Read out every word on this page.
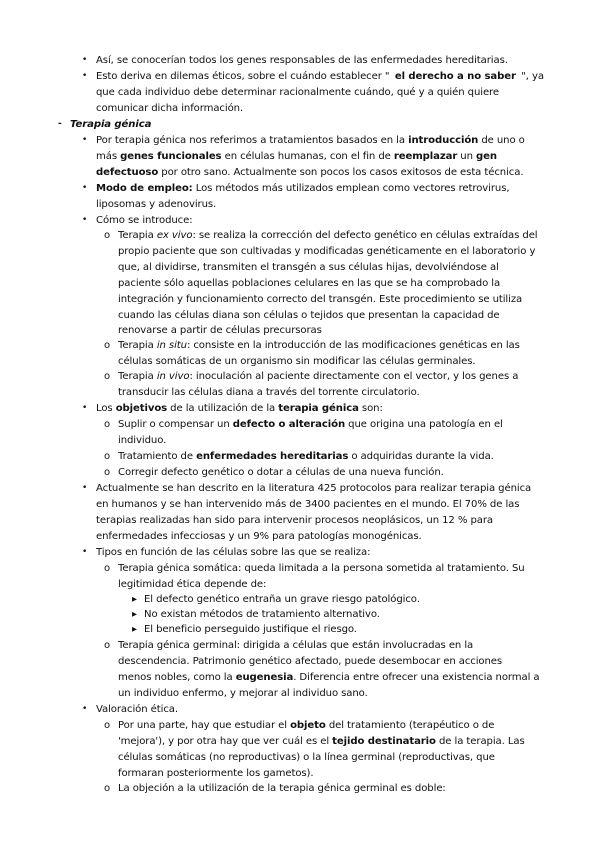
• Así, se conocerían todos los genes responsables de las enfermedades hereditarias.
• Esto deriva en dilemas éticos, sobre el cuándo establecer " el derecho a no saber ", ya
que cada individuo debe determinar racionalmente cuándo, qué y a quién quiere
comunicar dicha información.
- Terapia génica
• Por terapia génica nos referimos a tratamientos basados en la introducción de uno o
más genes funcionales en células humanas, con el fin de reemplazar un gen
defectuoso por otro sano. Actualmente son pocos los casos exitosos de esta técnica.
• Modo de empleo: Los métodos más utilizados emplean como vectores retrovirus,
liposomas y adenovirus.
• Cómo se introduce:
o Terapia ex vivo: se realiza la corrección del defecto genético en células extraídas del
propio paciente que son cultivadas y modificadas genéticamente en el laboratorio y
que, al dividirse, transmiten el transgén a sus células hijas, devolviéndose al
paciente sólo aquellas poblaciones celulares en las que se ha comprobado la
integración y funcionamiento correcto del transgén. Este procedimiento se utiliza
cuando las células diana son células o tejidos que presentan la capacidad de
renovarse a partir de células precursoras
o Terapia in situ: consiste en la introducción de las modificaciones genéticas en las
células somáticas de un organismo sin modificar las células germinales.
o Terapia in vivo: inoculación al paciente directamente con el vector, y los genes a
transducir las células diana a través del torrente circulatorio.
• Los objetivos de la utilización de la terapia génica son:
o Suplir o compensar un defecto o alteración que origina una patología en el
individuo.
o Tratamiento de enfermedades hereditarias o adquiridas durante la vida.
o Corregir defecto genético o dotar a células de una nueva función.
• Actualmente se han descrito en la literatura 425 protocolos para realizar terapia génica
en humanos y se han intervenido más de 3400 pacientes en el mundo. El 70% de las
terapias realizadas han sido para intervenir procesos neoplásicos, un 12 % para
enfermedades infecciosas y un 9% para patologías monogénicas.
• Tipos en función de las células sobre las que se realiza:
o Terapia génica somática: queda limitada a la persona sometida al tratamiento. Su
legitimidad ética depende de:
▶ El defecto genético entraña un grave riesgo patológico.
▶ No existan métodos de tratamiento alternativo.
▶ El beneficio perseguido justifique el riesgo.
o Terapia génica germinal: dirigida a células que están involucradas en la
descendencia. Patrimonio genético afectado, puede desembocar en acciones
menos nobles, como la eugenesia. Diferencia entre ofrecer una existencia normal a
un individuo enfermo, y mejorar al individuo sano.
• Valoración ética.
o Por una parte, hay que estudiar el objeto del tratamiento (terapéutico o de
'mejora'), y por otra hay que ver cuál es el tejido destinatario de la terapia. Las
células somáticas (no reproductivas) o la línea germinal (reproductivas, que
formaran posteriormente los gametos).
o La objeción a la utilización de la terapia génica germinal es doble:
